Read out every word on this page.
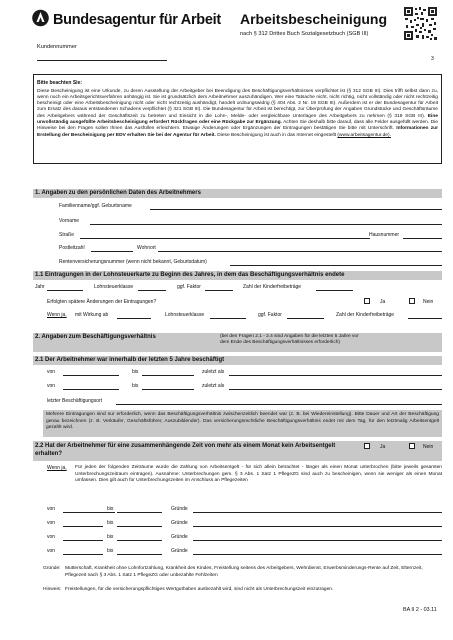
Bundesagentur für Arbeit Arbeitsbescheinigung
nach § 312 Drittes Buch Sozialgesetzbuch (SGB III)
Kundennummer
3
Bitte beachten Sie:
Diese Bescheinigung ist eine Urkunde, zu deren Ausstellung der Arbeitgeber bei Beendigung des Beschäftigungsverhältnisses verpflichtet ist (§ 312 SGB III). Dies trifft selbst dann zu, wenn noch ein Arbeitsgerichtsverfahren anhängig ist. Sie ist grundsätzlich dem Arbeitnehmer auszuhändigen. Wer eine Tatsache nicht, nicht richtig, nicht vollständig oder nicht rechtzeitig bescheinigt oder eine Arbeitsbescheinigung nicht oder nicht rechtzeitig aushändigt, handelt ordnungswidrig (§ 404 Abs. 2 Nr. 19 SGB III). Außerdem ist er der Bundesagentur für Arbeit zum Ersatz des daraus entstandenen Schadens verpflichtet (§ 321 SGB III). Die Bundesagentur für Arbeit ist berechtigt, zur Überprüfung der Angaben Grundstücke und Geschäftsräume des Arbeitgebers während der Geschäftszeit zu betreten und Einsicht in die Lohn-, Melde- oder vergleichbare Unterlagen des Arbeitgebers zu nehmen (§ 319 SGB III). Eine unvollständig ausgefüllte Arbeitsbescheinigung erfordert Rückfragen oder eine Rückgabe zur Ergänzung. Achten Sie deshalb bitte darauf, dass alle Felder ausgefüllt werden. Die Hinweise bei den Fragen sollen Ihnen das Ausfüllen erleichtern. Etwaige Änderungen oder Ergänzungen der Eintragungen bestätigen Sie bitte mit Unterschrift. Informationen zur Erstellung der Bescheinigung per EDV erhalten Sie bei der Agentur für Arbeit. Diese Bescheinigung ist auch in das Internet eingestellt (www.arbeitsagentur.de).
1. Angaben zu den persönlichen Daten des Arbeitnehmers
Familienname/ggf. Geburtsname
Vorname
Straße	Hausnummer
Postleitzahl	Wohnort
Rentenversicherungsnummer (wenn nicht bekannt, Geburtsdatum)
1.1 Eintragungen in der Lohnsteuerkarte zu Beginn des Jahres, in dem das Beschäftigungsverhältnis endete
Jahr	Lohnsteuerklasse	ggf. Faktor	Zahl der Kinderfreibeträge
Erfolgten spätere Änderungen der Eintragungen?	Ja	Nein
Wenn ja, mit Wirkung ab	Lohnsteuerklasse	ggf. Faktor	Zahl der Kinderfreibeträge
2. Angaben zum Beschäftigungsverhältnis	(bei den Fragen 2.1 - 2.4 sind Angaben für die letzten 5 Jahre vor dem Ende des Beschäftigungsverhältnisses erforderlich)
2.1 Der Arbeitnehmer war innerhalb der letzten 5 Jahre beschäftigt
von	bis	zuletzt als
von	bis	zuletzt als
letzter Beschäftigungsort
Mehrere Eintragungen sind nur erforderlich, wenn das Beschäftigungsverhältnis zwischenzeitlich beendet war (z. B. bei Wiedereinstellung). Bitte Dauer und Art der Beschäftigung genau bezeichnen (z. B. Verkäufer, Geschäftsführer, Auszubildender). Das versicherungsrechtliche Beschäftigungsverhältnis endet mit dem Tag, für den letztmalig Arbeitsentgelt gezahlt wird.
2.2 Hat der Arbeitnehmer für eine zusammenhängende Zeit von mehr als einem Monat kein Arbeitsentgelt erhalten?
Ja	Nein
Wenn ja, Für jeden der folgenden Zeiträume wurde die Zahlung von Arbeitsentgelt - für sich allein betrachtet - länger als einen Monat unterbrochen (bitte jeweils gesamten Unterbrechungszeitraum eintragen). Ausnahme: Unterbrechungen gem. § 3 Abs. 1 Satz 1 PflegeZG sind auch zu bescheinigen, wenn sie weniger als einen Monat umfassen. Dies gilt auch für Unterbrechungszeiten im Anschluss an Pflegezeiten
von	bis	Gründe
von	bis	Gründe
von	bis	Gründe
von	bis	Gründe
Gründe: Mutterschaft, Krankheit ohne Lohnfortzahlung, Krankheit des Kindes, Freistellung seitens des Arbeitgebers, Wehrdienst, Erwerbsminderungs-Rente auf Zeit, Elternzeit, Pflegezeit nach § 3 Abs. 1 Satz 1 PflegeZG oder unbezahlte Fehlzeiten
Hinweis: Freistellungen, für die versicherungspflichtiges Wertguthaben ausbezahlt wird, sind nicht als Unterbrechungszeit einzutragen.
BA II 2 - 03.11
